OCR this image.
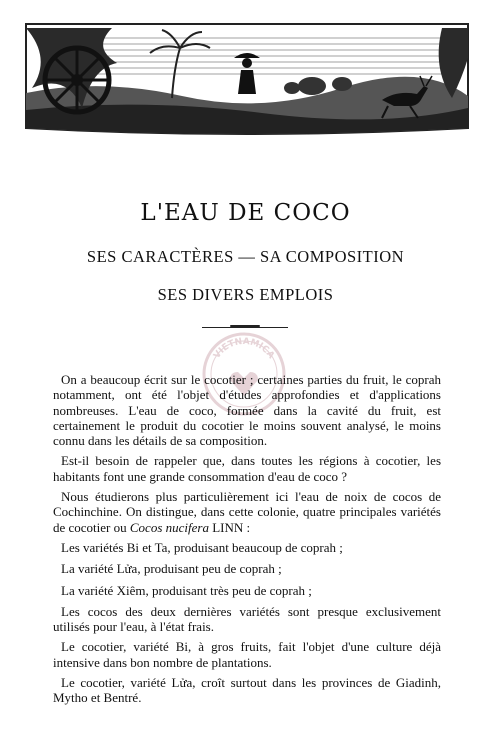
L'EAU DE COCO

SES CARACTÈRES — SA COMPOSITION

SES DIVERS EMPLOIS

VIETNAMICA

On a beaucoup écrit sur le cocotier ; certaines parties du fruit, le coprah notamment, ont été l'objet d'études approfondies et d'applications nombreuses. L'eau de coco, formée dans la cavité du fruit, est certainement le produit du cocotier le moins souvent analysé, le moins connu dans les détails de sa composition.

Est-il besoin de rappeler que, dans toutes les régions à cocotier, les habitants font une grande consommation d'eau de coco ?

Nous étudierons plus particulièrement ici l'eau de noix de cocos de Cochinchine. On distingue, dans cette colonie, quatre principales variétés de cocotier ou Cocos nucifera LINN :

Les variétés Bi et Ta, produisant beaucoup de coprah ;

La variété Lửa, produisant peu de coprah ;

La variété Xiêm, produisant très peu de coprah ;

Les cocos des deux dernières variétés sont presque exclusivement utilisés pour l'eau, à l'état frais.

Le cocotier, variété Bi, à gros fruits, fait l'objet d'une culture déjà intensive dans bon nombre de plantations.

Le cocotier, variété Lửa, croît surtout dans les provinces de Giadinh, Mytho et Bentré.
